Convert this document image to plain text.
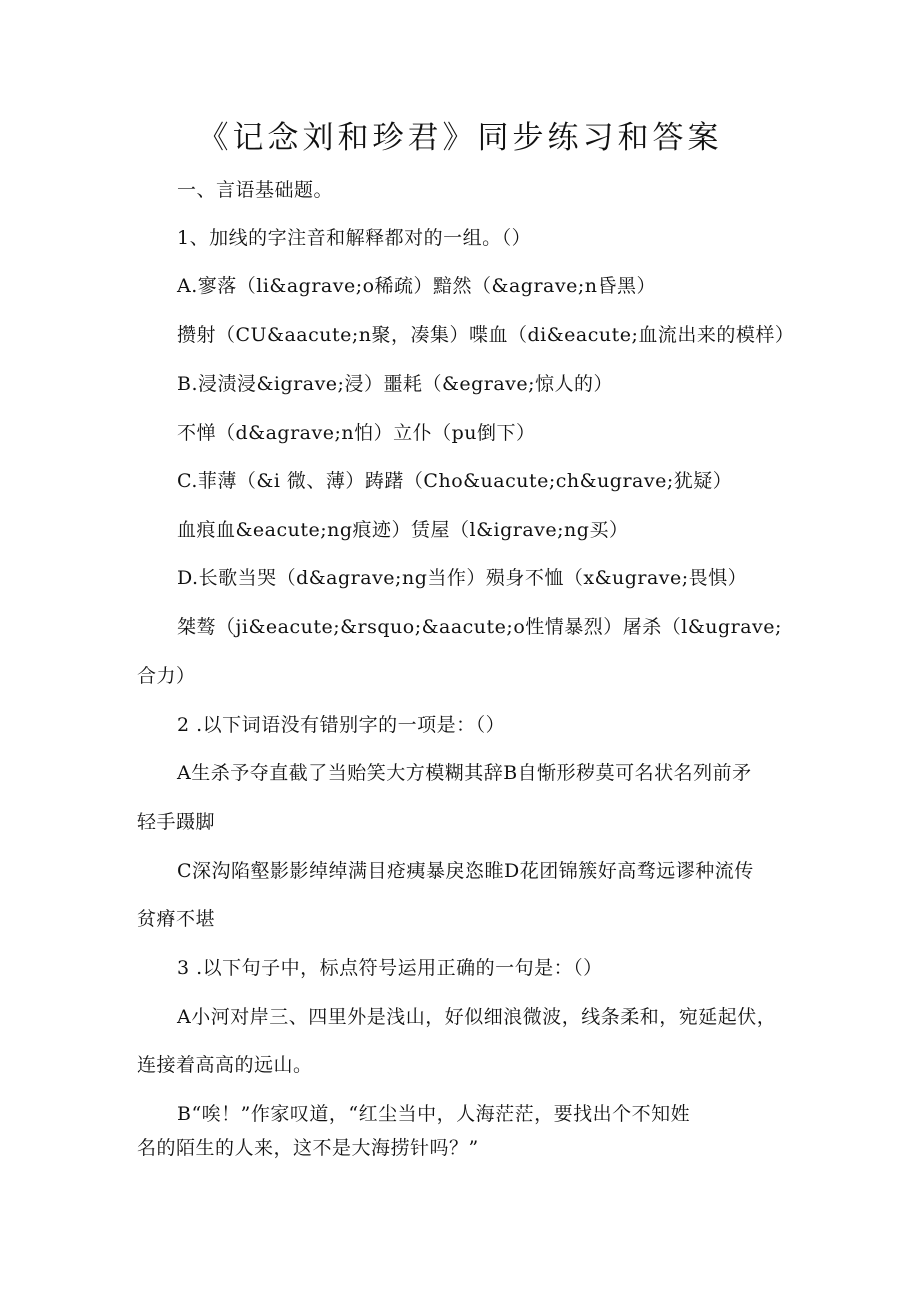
《记念刘和珍君》同步练习和答案
一、言语基础题。
1、加线的字注音和解释都对的一组。（）
A.寥落（li&agrave;o稀疏）黯然（&agrave;n昏黑）
攒射（CU&aacute;n聚，凑集）喋血（di&eacute;血流出来的模样）
B.浸渍浸&igrave;浸）噩耗（&egrave;惊人的）
不惮（d&agrave;n怕）立仆（pu倒下）
C.菲薄（&i 微、薄）踌躇（Cho&uacute;ch&ugrave;犹疑）
血痕血&eacute;ng痕迹）赁屋（l&igrave;ng买）
D.长歌当哭（d&agrave;ng当作）殒身不恤（x&ugrave;畏惧）
桀骜（ji&eacute;&rsquo;&aacute;o性情暴烈）屠杀（l&ugrave;
合力）
2 .以下词语没有错别字的一项是：（）
A生杀予夺直截了当贻笑大方模糊其辞B自惭形秽莫可名状名列前矛
轻手蹑脚
C深沟陷壑影影绰绰满目疮痍暴戾恣睢D花团锦簇好高骛远谬种流传
贫瘠不堪
3 .以下句子中，标点符号运用正确的一句是：（）
A小河对岸三、四里外是浅山，好似细浪微波，线条柔和，宛延起伏，
连接着高高的远山。
B“唉！”作家叹道，“红尘当中，人海茫茫，要找出个不知姓
名的陌生的人来，这不是大海捞针吗？”
